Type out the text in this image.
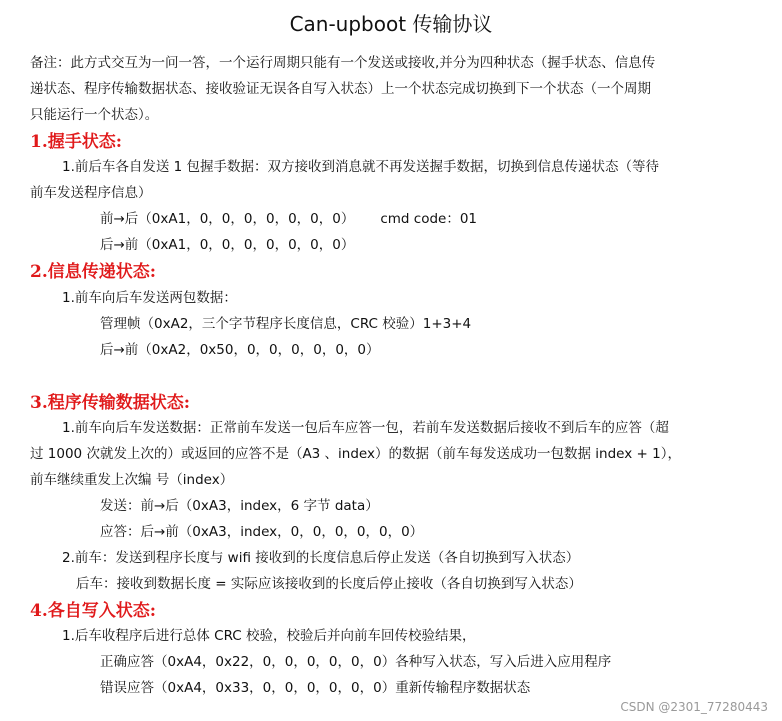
Can-upboot 传输协议
备注：此方式交互为一问一答，一个运行周期只能有一个发送或接收,并分为四种状态（握手状态、信息传
递状态、程序传输数据状态、接收验证无误各自写入状态）上一个状态完成切换到下一个状态（一个周期
只能运行一个状态）。
1.握手状态:
1.前后车各自发送 1 包握手数据：双方接收到消息就不再发送握手数据，切换到信息传递状态（等待
前车发送程序信息）
前→后（0xA1，0，0，0，0，0，0，0） cmd code：01
后→前（0xA1，0，0，0，0，0，0，0）
2.信息传递状态:
1.前车向后车发送两包数据：
管理帧（0xA2，三个字节程序长度信息，CRC 校验）1+3+4
后→前（0xA2，0x50，0，0，0，0，0，0）
3.程序传输数据状态:
1.前车向后车发送数据：正常前车发送一包后车应答一包，若前车发送数据后接收不到后车的应答（超
过 1000 次就发上次的）或返回的应答不是（A3 、index）的数据（前车每发送成功一包数据 index + 1），
前车继续重发上次编 号（index）
发送：前→后（0xA3，index，6 字节 data）
应答：后→前（0xA3，index，0，0，0，0，0，0）
2.前车：发送到程序长度与 wifi 接收到的长度信息后停止发送（各自切换到写入状态）
后车：接收到数据长度 = 实际应该接收到的长度后停止接收（各自切换到写入状态）
4.各自写入状态:
1.后车收程序后进行总体 CRC 校验，校验后并向前车回传校验结果，
正确应答（0xA4，0x22，0，0，0，0，0，0）各种写入状态，写入后进入应用程序
错误应答（0xA4，0x33，0，0，0，0，0，0）重新传输程序数据状态
CSDN @2301_77280443
